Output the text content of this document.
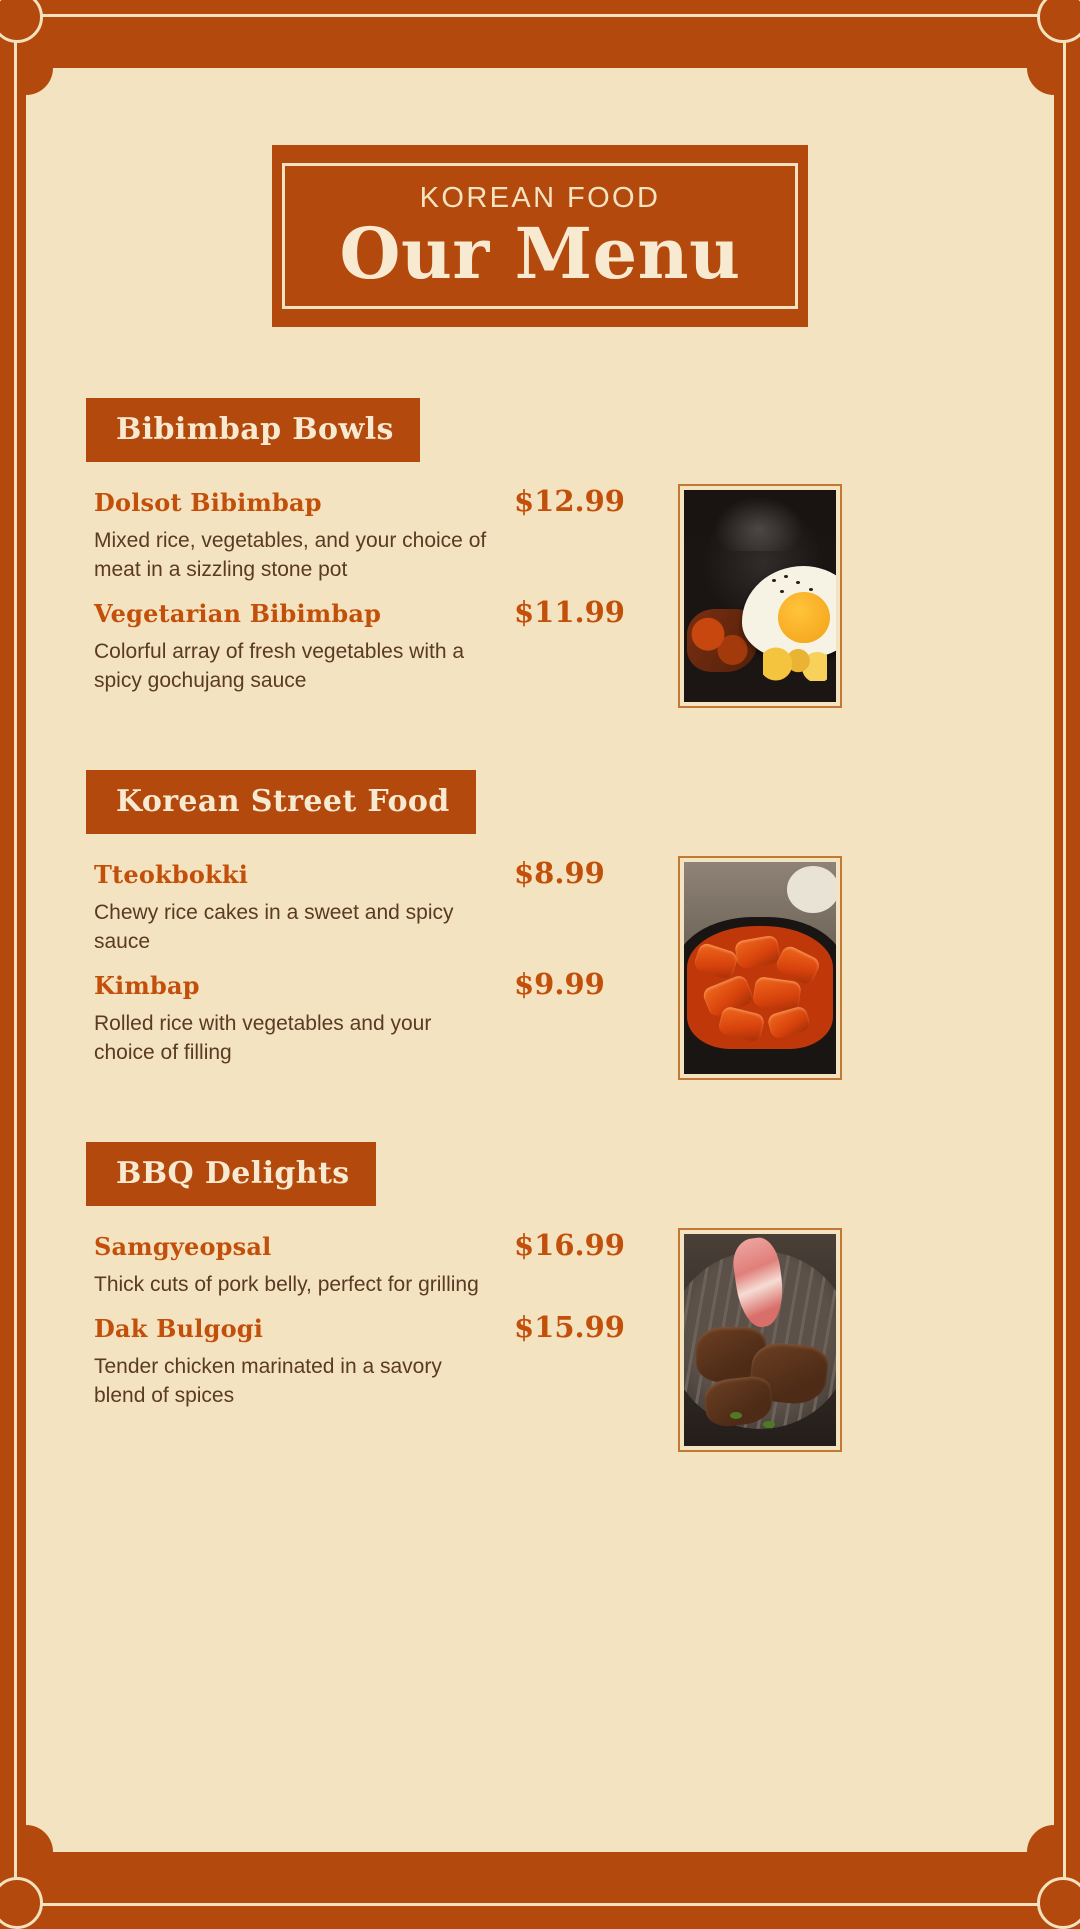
KOREAN FOOD
Our Menu
Bibimbap Bowls
Dolsot Bibimbap	$12.99
Mixed rice, vegetables, and your choice of meat in a sizzling stone pot
Vegetarian Bibimbap	$11.99
Colorful array of fresh vegetables with a spicy gochujang sauce
Korean Street Food
Tteokbokki	$8.99
Chewy rice cakes in a sweet and spicy sauce
Kimbap	$9.99
Rolled rice with vegetables and your choice of filling
BBQ Delights
Samgyeopsal	$16.99
Thick cuts of pork belly, perfect for grilling
Dak Bulgogi	$15.99
Tender chicken marinated in a savory blend of spices
